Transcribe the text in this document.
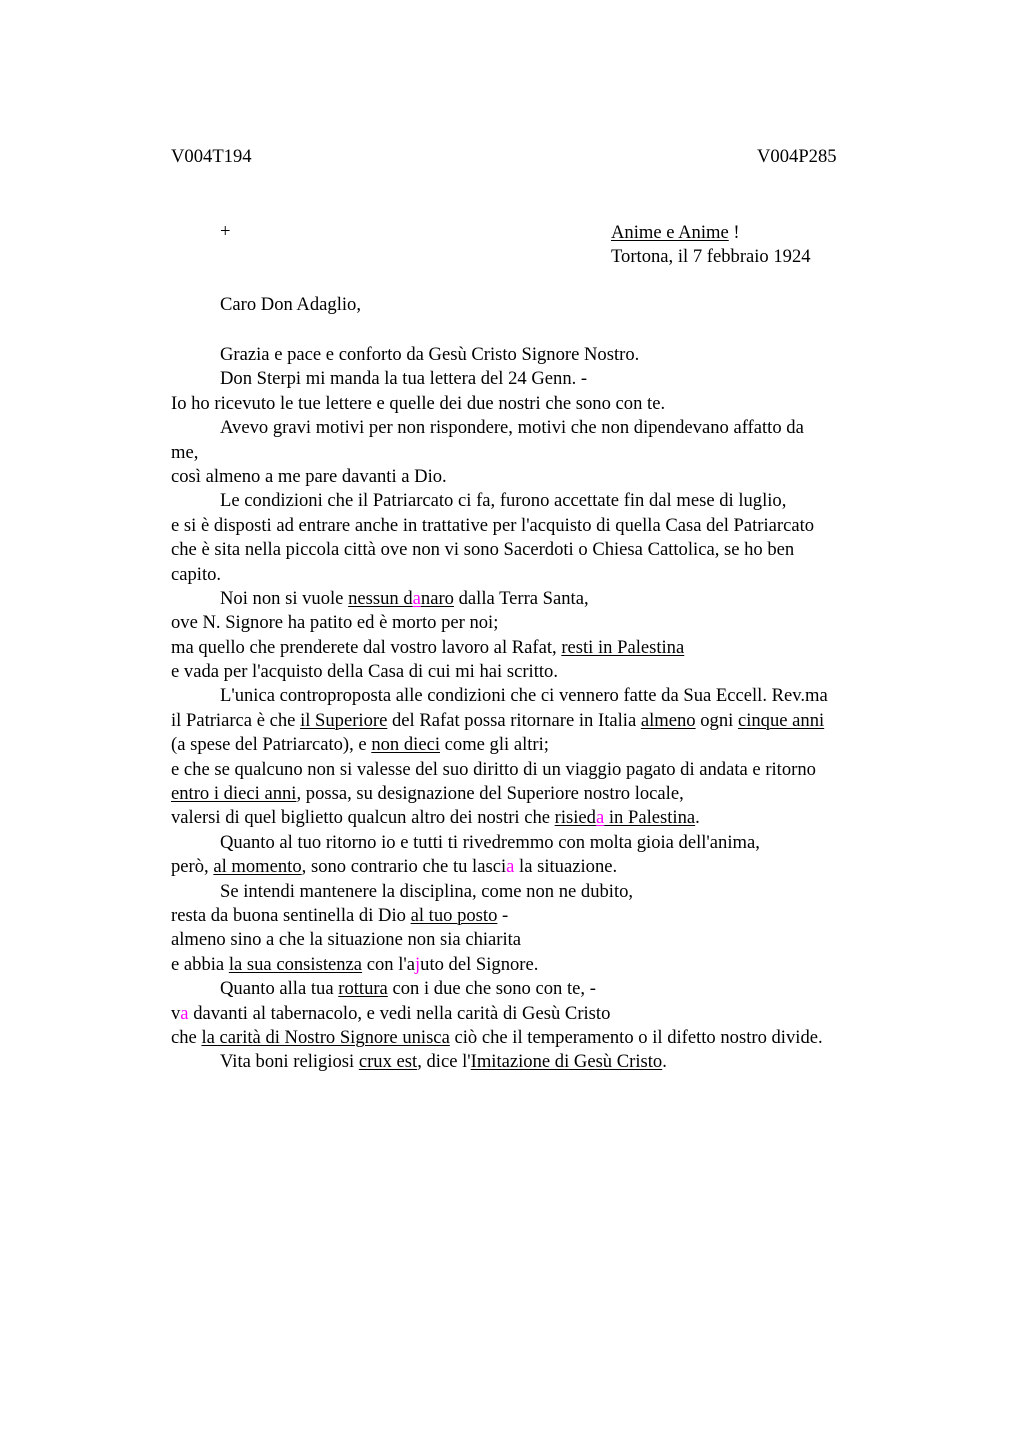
V004T194	V004P285
+	Anime e Anime !
Tortona, il 7 febbraio 1924
Caro Don Adaglio,
Grazia e pace e conforto da Gesù Cristo Signore Nostro.
Don Sterpi mi manda la tua lettera del 24 Genn. -
Io ho ricevuto le tue lettere e quelle dei due nostri che sono con te.
Avevo gravi motivi per non rispondere, motivi che non dipendevano affatto da
me,
così almeno a me pare davanti a Dio.
Le condizioni che il Patriarcato ci fa, furono accettate fin dal mese di luglio,
e si è disposti ad entrare anche in trattative per l'acquisto di quella Casa del Patriarcato
che è sita nella piccola città ove non vi sono Sacerdoti o Chiesa Cattolica, se ho ben
capito.
Noi non si vuole nessun danaro dalla Terra Santa,
ove N. Signore ha patito ed è morto per noi;
ma quello che prenderete dal vostro lavoro al Rafat, resti in Palestina
e vada per l'acquisto della Casa di cui mi hai scritto.
L'unica controproposta alle condizioni che ci vennero fatte da Sua Eccell. Rev.ma
il Patriarca è che il Superiore del Rafat possa ritornare in Italia almeno ogni cinque anni
(a spese del Patriarcato), e non dieci come gli altri;
e che se qualcuno non si valesse del suo diritto di un viaggio pagato di andata e ritorno
entro i dieci anni, possa, su designazione del Superiore nostro locale,
valersi di quel biglietto qualcun altro dei nostri che risieda in Palestina.
Quanto al tuo ritorno io e tutti ti rivedremmo con molta gioia dell'anima,
però, al momento, sono contrario che tu lascia la situazione.
Se intendi mantenere la disciplina, come non ne dubito,
resta da buona sentinella di Dio al tuo posto -
almeno sino a che la situazione non sia chiarita
e abbia la sua consistenza con l'ajuto del Signore.
Quanto alla tua rottura con i due che sono con te, -
va davanti al tabernacolo, e vedi nella carità di Gesù Cristo
che la carità di Nostro Signore unisca ciò che il temperamento o il difetto nostro divide.
Vita boni religiosi crux est, dice l'Imitazione di Gesù Cristo.
